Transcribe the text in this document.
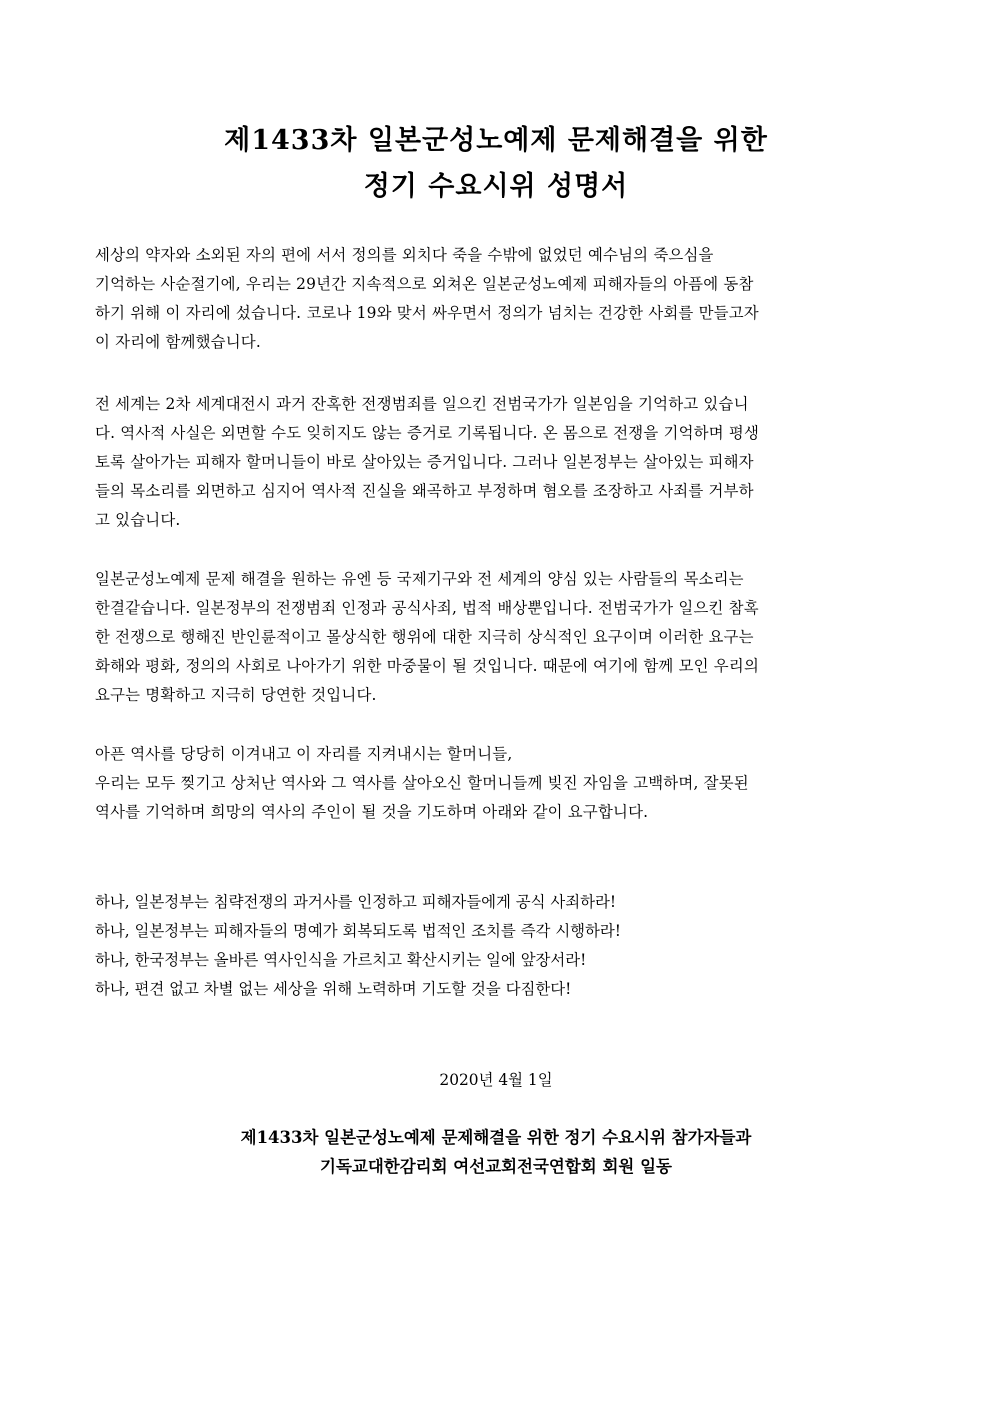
제1433차 일본군성노예제 문제해결을 위한
정기 수요시위 성명서

세상의 약자와 소외된 자의 편에 서서 정의를 외치다 죽을 수밖에 없었던 예수님의 죽으심을
기억하는 사순절기에, 우리는 29년간 지속적으로 외쳐온 일본군성노예제 피해자들의 아픔에 동참
하기 위해 이 자리에 섰습니다. 코로나 19와 맞서 싸우면서 정의가 넘치는 건강한 사회를 만들고자
이 자리에 함께했습니다.

전 세계는 2차 세계대전시 과거 잔혹한 전쟁범죄를 일으킨 전범국가가 일본임을 기억하고 있습니
다. 역사적 사실은 외면할 수도 잊히지도 않는 증거로 기록됩니다. 온 몸으로 전쟁을 기억하며 평생
토록 살아가는 피해자 할머니들이 바로 살아있는 증거입니다. 그러나 일본정부는 살아있는 피해자
들의 목소리를 외면하고 심지어 역사적 진실을 왜곡하고 부정하며 혐오를 조장하고 사죄를 거부하
고 있습니다.

일본군성노예제 문제 해결을 원하는 유엔 등 국제기구와 전 세계의 양심 있는 사람들의 목소리는
한결같습니다. 일본정부의 전쟁범죄 인정과 공식사죄, 법적 배상뿐입니다. 전범국가가 일으킨 참혹
한 전쟁으로 행해진 반인륜적이고 몰상식한 행위에 대한 지극히 상식적인 요구이며 이러한 요구는
화해와 평화, 정의의 사회로 나아가기 위한 마중물이 될 것입니다. 때문에 여기에 함께 모인 우리의
요구는 명확하고 지극히 당연한 것입니다.

아픈 역사를 당당히 이겨내고 이 자리를 지켜내시는 할머니들,
우리는 모두 찢기고 상처난 역사와 그 역사를 살아오신 할머니들께 빚진 자임을 고백하며, 잘못된
역사를 기억하며 희망의 역사의 주인이 될 것을 기도하며 아래와 같이 요구합니다.

하나, 일본정부는 침략전쟁의 과거사를 인정하고 피해자들에게 공식 사죄하라!
하나, 일본정부는 피해자들의 명예가 회복되도록 법적인 조치를 즉각 시행하라!
하나, 한국정부는 올바른 역사인식을 가르치고 확산시키는 일에 앞장서라!
하나, 편견 없고 차별 없는 세상을 위해 노력하며 기도할 것을 다짐한다!

2020년 4월 1일

제1433차 일본군성노예제 문제해결을 위한 정기 수요시위 참가자들과
기독교대한감리회 여선교회전국연합회 회원 일동
